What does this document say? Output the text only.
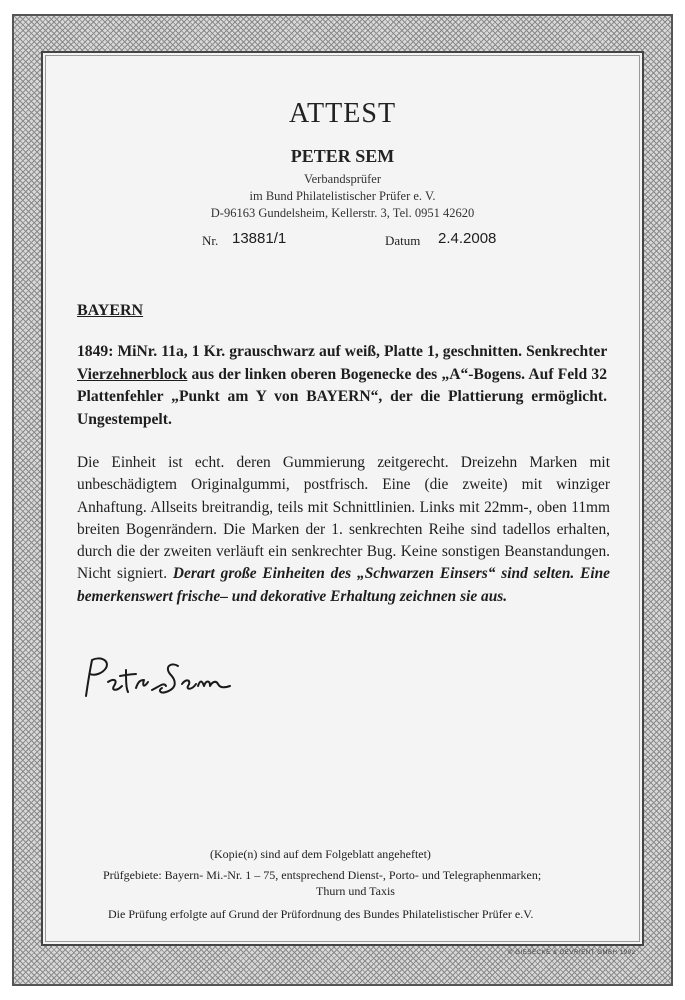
ATTEST
PETER SEM
Verbandsprüfer
im Bund Philatelistischer Prüfer e. V.
D-96163 Gundelsheim, Kellerstr. 3, Tel. 0951 42620
Nr. 13881/1	Datum 2.4.2008
BAYERN
1849: MiNr. 11a, 1 Kr. grauschwarz auf weiß, Platte 1, geschnitten. Senkrechter Vierzehnerblock aus der linken oberen Bogenecke des „A“-Bogens. Auf Feld 32 Plattenfehler „Punkt am Y von BAYERN“, der die Plattierung ermöglicht. Ungestempelt.
Die Einheit ist echt. deren Gummierung zeitgerecht. Dreizehn Marken mit unbeschädigtem Originalgummi, postfrisch. Eine (die zweite) mit winziger Anhaftung. Allseits breitrandig, teils mit Schnittlinien. Links mit 22mm-, oben 11mm breiten Bogenrändern. Die Marken der 1. senkrechten Reihe sind tadellos erhalten, durch die der zweiten verläuft ein senkrechter Bug. Keine sonstigen Beanstandungen. Nicht signiert. Derart große Einheiten des „Schwarzen Einsers“ sind selten. Eine bemerkenswert frische– und dekorative Erhaltung zeichnen sie aus.
(Kopie(n) sind auf dem Folgeblatt angeheftet)
Prüfgebiete: Bayern- Mi.-Nr. 1 – 75, entsprechend Dienst-, Porto- und Telegraphenmarken;
Thurn und Taxis
Die Prüfung erfolgte auf Grund der Prüfordnung des Bundes Philatelistischer Prüfer e.V.
© GIESECKE & DEVRIENT GMBH 1992
